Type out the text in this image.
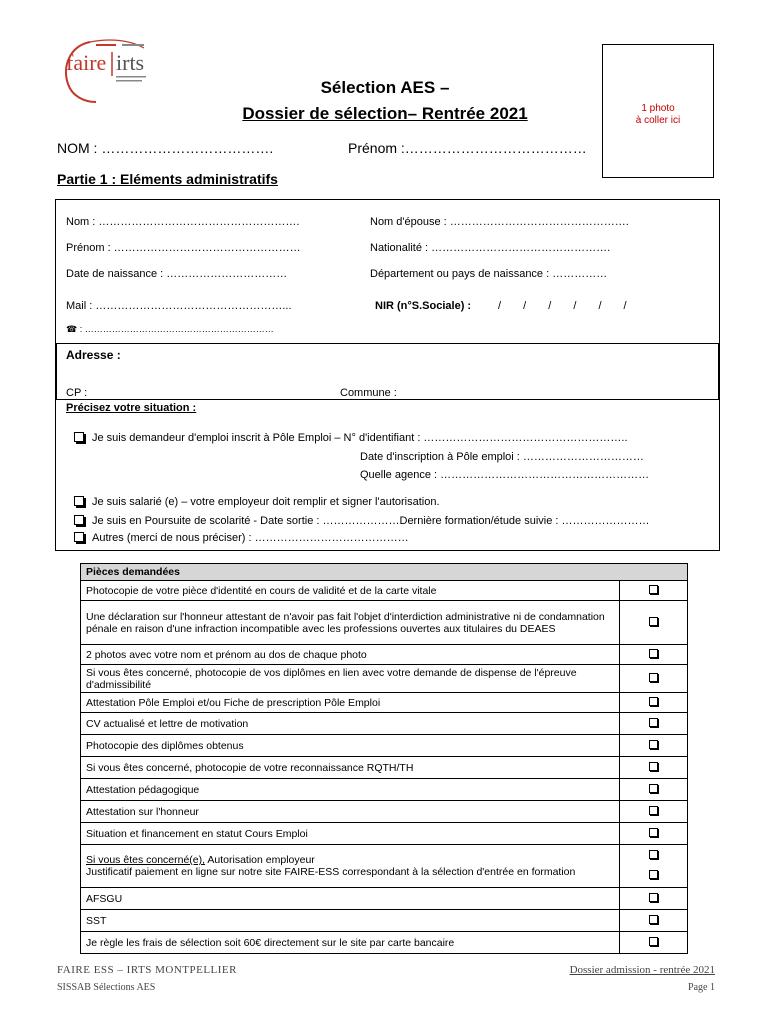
faire irts
1 photo
à coller ici
Sélection AES –
Dossier de sélection– Rentrée 2021
NOM : ……………………………….	Prénom :…………………………………
Partie 1 : Eléments administratifs
Nom : ……………………………………………….	Nom d'épouse : ………………………………………….
Prénom : ……………………………………………	Nationalité : ………………………………………….
Date de naissance : ……………………………	Département ou pays de naissance : ……………
Mail : ……………………………………………...	NIR (n°S.Sociale) : / / / / / /
☎ : ………………………………………………………
Adresse :
CP :	Commune :
Précisez votre situation :
Je suis demandeur d'emploi inscrit à Pôle Emploi – N° d'identifiant : ………………………………………………..
Date d'inscription à Pôle emploi : ……………………………
Quelle agence : …………………………………………………
Je suis salarié (e) – votre employeur doit remplir et signer l'autorisation.
Je suis en Poursuite de scolarité - Date sortie : …………………Dernière formation/étude suivie : ……………………
Autres (merci de nous préciser) : ……………………………………
Pièces demandées	
Photocopie de votre pièce d'identité en cours de validité et de la carte vitale	
Une déclaration sur l'honneur attestant de n'avoir pas fait l'objet d'interdiction administrative ni de condamnation pénale en raison d'une infraction incompatible avec les professions ouvertes aux titulaires du DEAES	
2 photos avec votre nom et prénom au dos de chaque photo	
Si vous êtes concerné, photocopie de vos diplômes en lien avec votre demande de dispense de l'épreuve d'admissibilité	
Attestation Pôle Emploi et/ou Fiche de prescription Pôle Emploi	
CV actualisé et lettre de motivation	
Photocopie des diplômes obtenus	
Si vous êtes concerné, photocopie de votre reconnaissance RQTH/TH	
Attestation pédagogique	
Attestation sur l'honneur	
Situation et financement en statut Cours Emploi	
Si vous êtes concerné(e), Autorisation employeur
Justificatif paiement en ligne sur notre site FAIRE-ESS correspondant à la sélection d'entrée en formation	

AFSGU	
SST	
Je règle les frais de sélection soit 60€ directement sur le site par carte bancaire	
FAIRE ESS – IRTS MONTPELLIER
SISSAB Sélections AES
Dossier admission - rentrée 2021
Page 1
